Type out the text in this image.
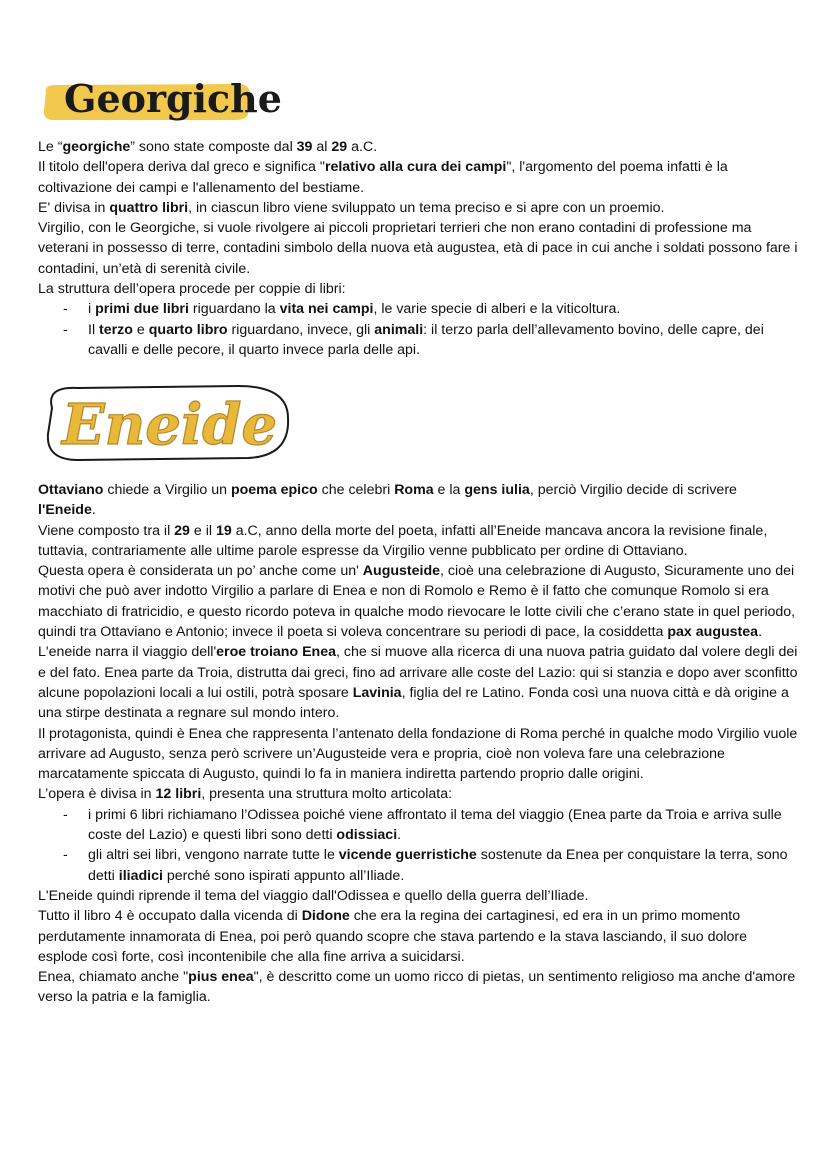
Georgiche

Le “georgiche” sono state composte dal 39 al 29 a.C.

Il titolo dell'opera deriva dal greco e significa "relativo alla cura dei campi", l'argomento del poema infatti è la coltivazione dei campi e l'allenamento del bestiame.

E' divisa in quattro libri, in ciascun libro viene sviluppato un tema preciso e si apre con un proemio.

Virgilio, con le Georgiche, si vuole rivolgere ai piccoli proprietari terrieri che non erano contadini di professione ma veterani in possesso di terre, contadini simbolo della nuova età augustea, età di pace in cui anche i soldati possono fare i contadini, un’età di serenità civile.

La struttura dell’opera procede per coppie di libri:

- i primi due libri riguardano la vita nei campi, le varie specie di alberi e la viticoltura.
- Il terzo e quarto libro riguardano, invece, gli animali: il terzo parla dell’allevamento bovino, delle capre, dei cavalli e delle pecore, il quarto invece parla delle api.
Eneide

Ottaviano chiede a Virgilio un poema epico che celebri Roma e la gens iulia, perciò Virgilio decide di scrivere l'Eneide.

Viene composto tra il 29 e il 19 a.C, anno della morte del poeta, infatti all’Eneide mancava ancora la revisione finale, tuttavia, contrariamente alle ultime parole espresse da Virgilio venne pubblicato per ordine di Ottaviano.

Questa opera è considerata un po’ anche come un' Augusteide, cioè una celebrazione di Augusto, Sicuramente uno dei motivi che può aver indotto Virgilio a parlare di Enea e non di Romolo e Remo è il fatto che comunque Romolo si era macchiato di fratricidio, e questo ricordo poteva in qualche modo rievocare le lotte civili che c’erano state in quel periodo, quindi tra Ottaviano e Antonio; invece il poeta si voleva concentrare su periodi di pace, la cosiddetta pax augustea.

L'eneide narra il viaggio dell'eroe troiano Enea, che si muove alla ricerca di una nuova patria guidato dal volere degli dei e del fato. Enea parte da Troia, distrutta dai greci, fino ad arrivare alle coste del Lazio: qui si stanzia e dopo aver sconfitto alcune popolazioni locali a lui ostili, potrà sposare Lavinia, figlia del re Latino. Fonda così una nuova città e dà origine a una stirpe destinata a regnare sul mondo intero.

Il protagonista, quindi è Enea che rappresenta l’antenato della fondazione di Roma perché in qualche modo Virgilio vuole arrivare ad Augusto, senza però scrivere un’Augusteide vera e propria, cioè non voleva fare una celebrazione marcatamente spiccata di Augusto, quindi lo fa in maniera indiretta partendo proprio dalle origini.

L’opera è divisa in 12 libri, presenta una struttura molto articolata:

- i primi 6 libri richiamano l’Odissea poiché viene affrontato il tema del viaggio (Enea parte da Troia e arriva sulle coste del Lazio) e questi libri sono detti odissiaci.
- gli altri sei libri, vengono narrate tutte le vicende guerristiche sostenute da Enea per conquistare la terra, sono detti iliadici perché sono ispirati appunto all’Iliade.

L'Eneide quindi riprende il tema del viaggio dall'Odissea e quello della guerra dell’Iliade.

Tutto il libro 4 è occupato dalla vicenda di Didone che era la regina dei cartaginesi, ed era in un primo momento perdutamente innamorata di Enea, poi però quando scopre che stava partendo e la stava lasciando, il suo dolore esplode così forte, così incontenibile che alla fine arriva a suicidarsi.

Enea, chiamato anche "pius enea", è descritto come un uomo ricco di pietas, un sentimento religioso ma anche d'amore verso la patria e la famiglia.
